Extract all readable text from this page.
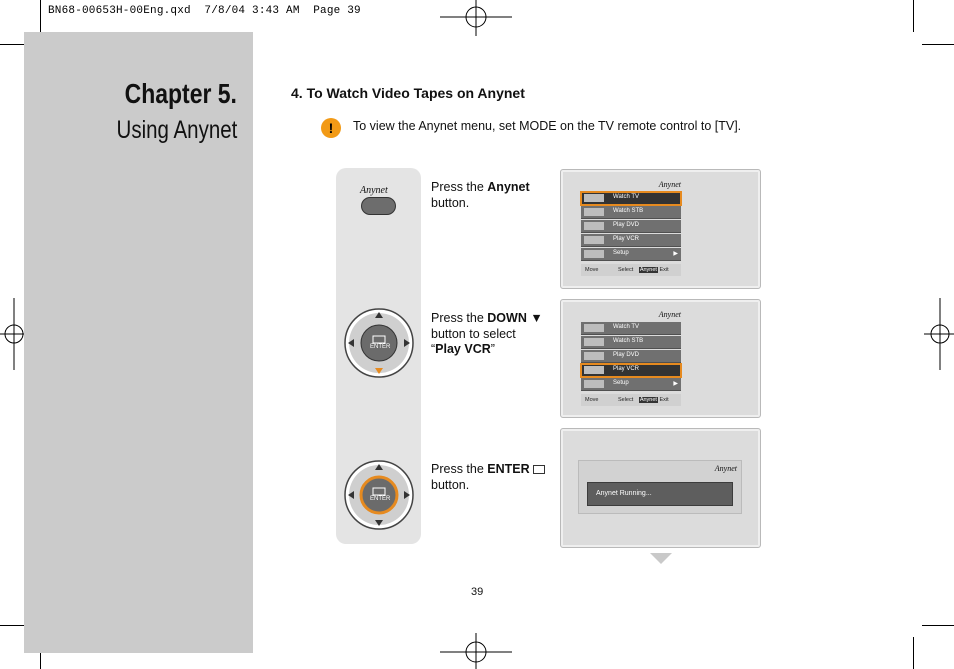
BN68-00653H-00Eng.qxd  7/8/04 3:43 AM  Page 39
Chapter 5.
Using Anynet
4. To Watch Video Tapes on Anynet
!	To view the Anynet menu, set MODE on the TV remote control to [TV].
Anynet
ENTER
ENTER
Press the Anynet
button.
Press the DOWN ▼
button to select
“Play VCR”
Press the ENTER
button.
Anynet
Watch TV
Watch STB
Play DVD
Play VCR
Setup	▶
Move	Select Anynet Exit
Anynet
Watch TV
Watch STB
Play DVD
Play VCR
Setup	▶
Move	Select Anynet Exit
Anynet
Anynet Running...
39
